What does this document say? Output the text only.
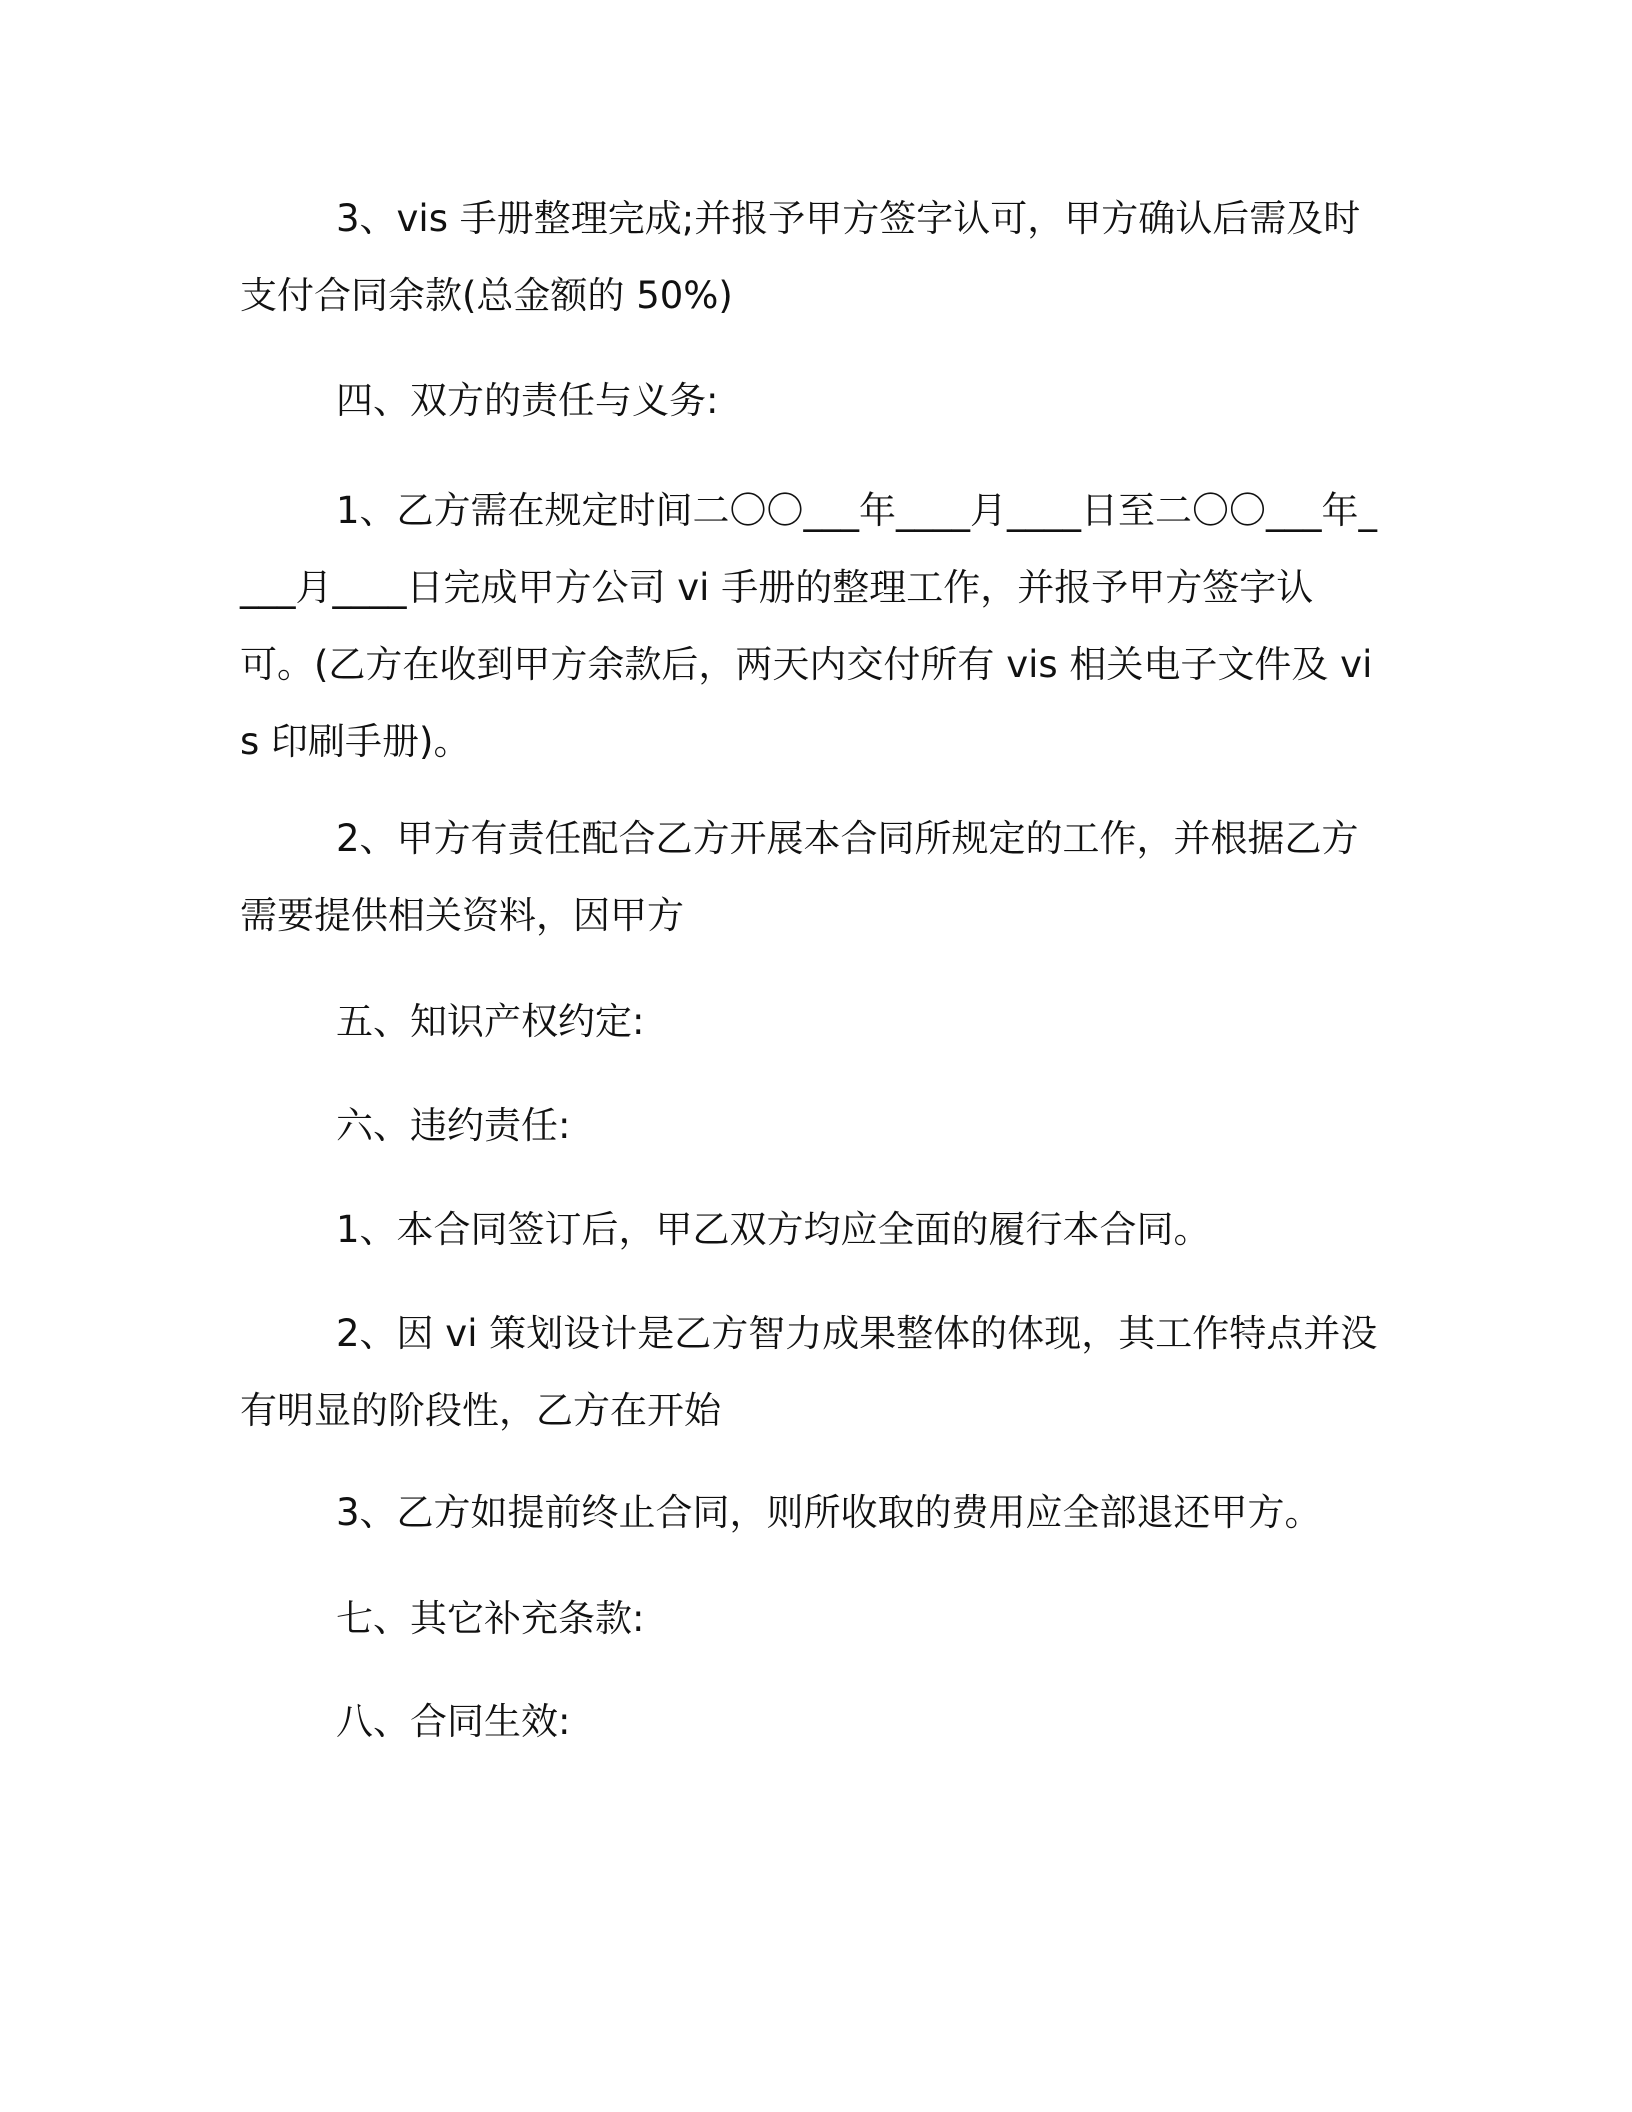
3、vis 手册整理完成;并报予甲方签字认可，甲方确认后需及时支付合同余款(总金额的 50%)

四、双方的责任与义务:

1、乙方需在规定时间二〇〇___年____月____日至二〇〇___年____月____日完成甲方公司 vi 手册的整理工作，并报予甲方签字认可。(乙方在收到甲方余款后，两天内交付所有 vis 相关电子文件及 vis 印刷手册)。

2、甲方有责任配合乙方开展本合同所规定的工作，并根据乙方需要提供相关资料，因甲方

五、知识产权约定:

六、违约责任:

1、本合同签订后，甲乙双方均应全面的履行本合同。

2、因 vi 策划设计是乙方智力成果整体的体现，其工作特点并没有明显的阶段性，乙方在开始

3、乙方如提前终止合同，则所收取的费用应全部退还甲方。

七、其它补充条款:

八、合同生效:
